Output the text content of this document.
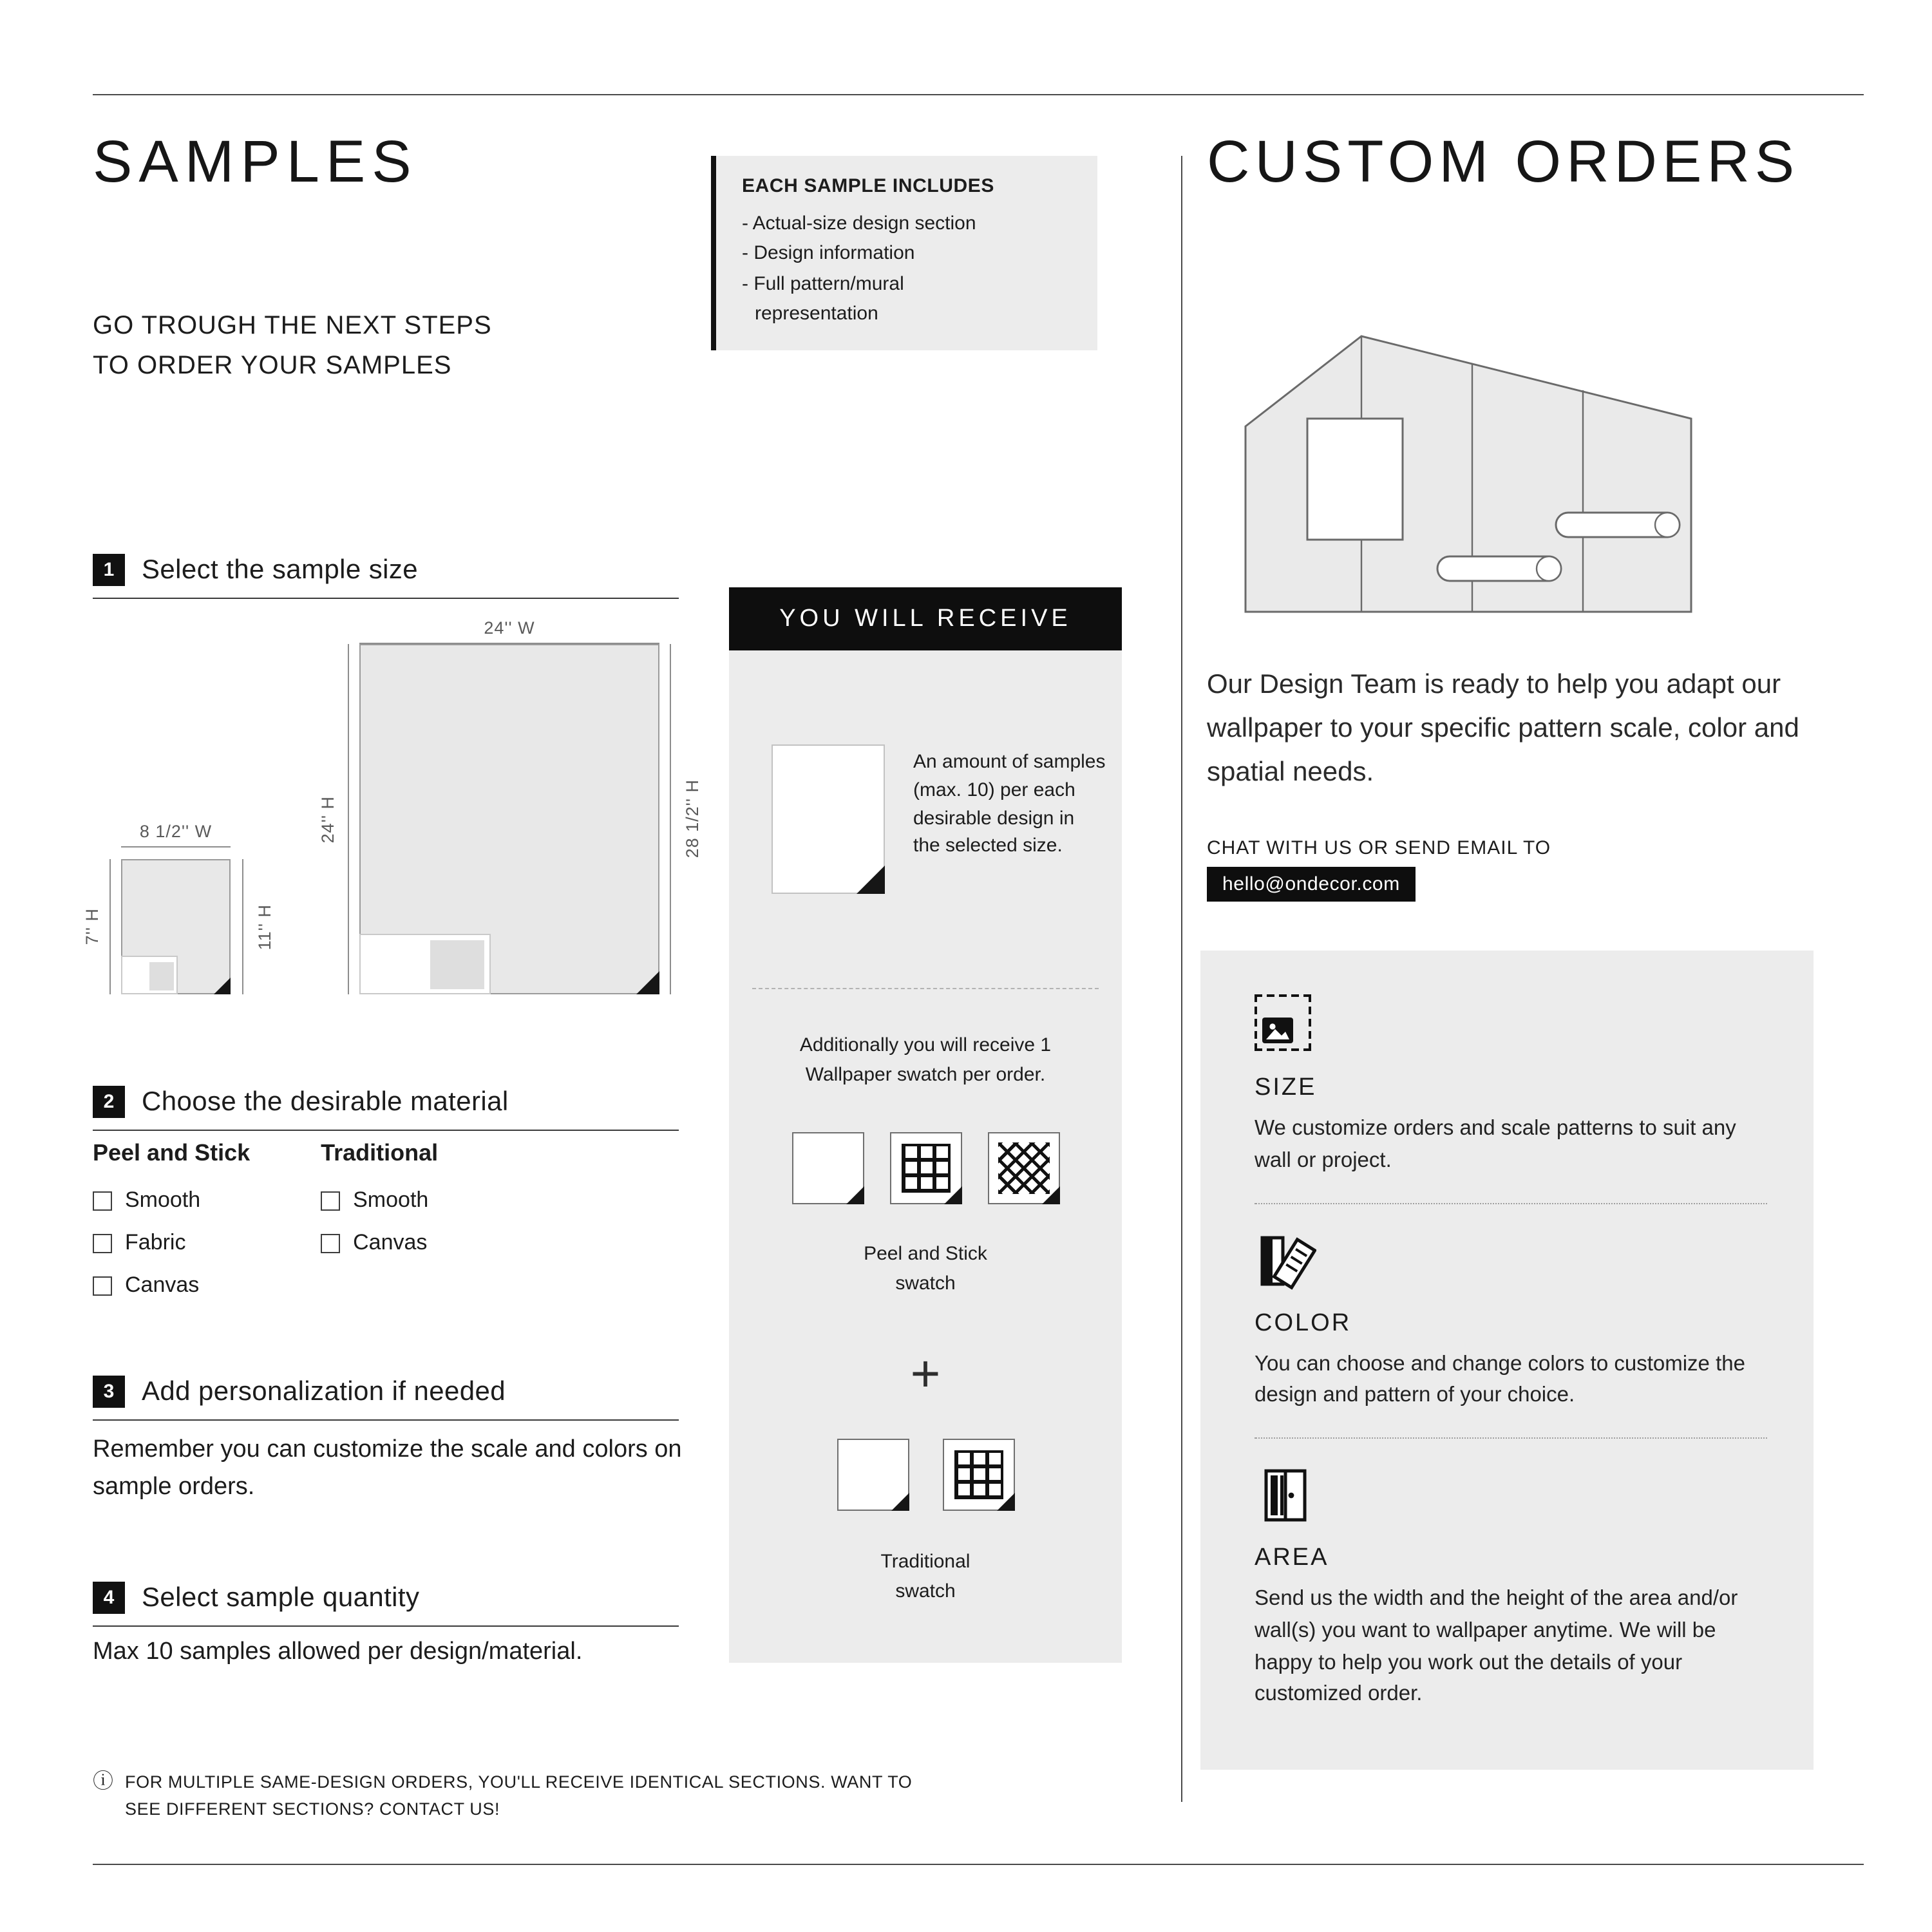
SAMPLES
GO TROUGH THE NEXT STEPS
TO ORDER YOUR SAMPLES
EACH SAMPLE INCLUDES
- Actual-size design section
- Design information
- Full pattern/mural representation
1	Select the sample size
24'' W
24'' H	28 1/2'' H
8 1/2'' W
7'' H	11'' H
2	Choose the desirable material
Peel and Stick
Smooth
Fabric
Canvas
Traditional
Smooth
Canvas
3	Add personalization if needed
Remember you can customize the scale and colors on sample orders.
4	Select sample quantity
Max 10 samples allowed per design/material.
ⓘ FOR MULTIPLE SAME-DESIGN ORDERS, YOU'LL RECEIVE IDENTICAL SECTIONS. WANT TO SEE DIFFERENT SECTIONS? CONTACT US!
YOU WILL RECEIVE
An amount of samples (max. 10) per each desirable design in the selected size.
Additionally you will receive 1 Wallpaper swatch per order.
Peel and Stick swatch
+
Traditional swatch
CUSTOM ORDERS
Our Design Team is ready to help you adapt our wallpaper to your specific pattern scale, color and spatial needs.
CHAT WITH US OR SEND EMAIL TO
hello@ondecor.com
SIZE
We customize orders and scale patterns to suit any wall or project.
COLOR
You can choose and change colors to customize the design and pattern of your choice.
AREA
Send us the width and the height of the area and/or wall(s) you want to wallpaper anytime. We will be happy to help you work out the details of your customized order.
